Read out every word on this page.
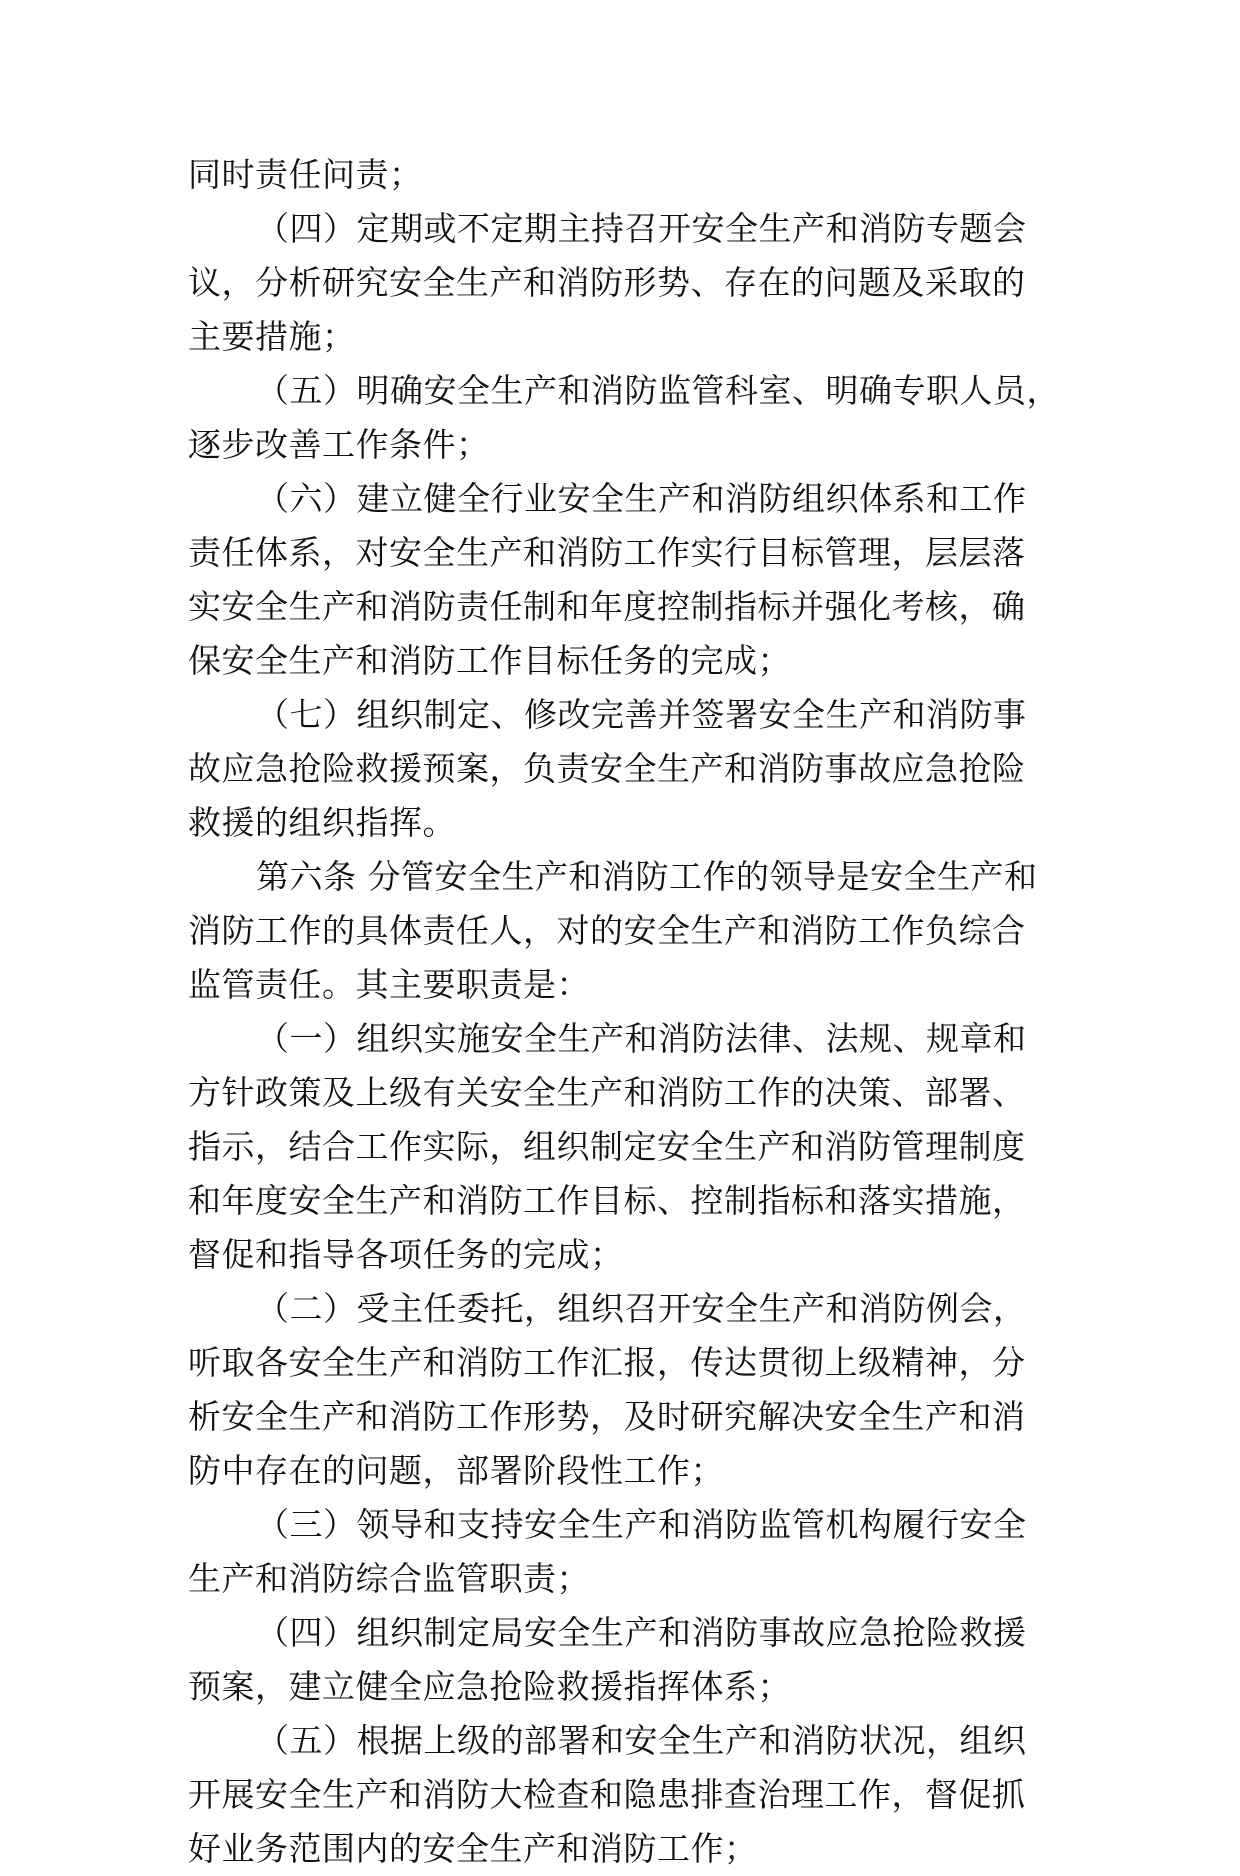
同时责任问责；
（四）定期或不定期主持召开安全生产和消防专题会
议，分析研究安全生产和消防形势、存在的问题及采取的
主要措施；
（五）明确安全生产和消防监管科室、明确专职人员，
逐步改善工作条件；
（六）建立健全行业安全生产和消防组织体系和工作
责任体系，对安全生产和消防工作实行目标管理，层层落
实安全生产和消防责任制和年度控制指标并强化考核，确
保安全生产和消防工作目标任务的完成；
（七）组织制定、修改完善并签署安全生产和消防事
故应急抢险救援预案，负责安全生产和消防事故应急抢险
救援的组织指挥。
第六条 分管安全生产和消防工作的领导是安全生产和
消防工作的具体责任人，对的安全生产和消防工作负综合
监管责任。其主要职责是：
（一）组织实施安全生产和消防法律、法规、规章和
方针政策及上级有关安全生产和消防工作的决策、部署、
指示，结合工作实际，组织制定安全生产和消防管理制度
和年度安全生产和消防工作目标、控制指标和落实措施，
督促和指导各项任务的完成；
（二）受主任委托，组织召开安全生产和消防例会，
听取各安全生产和消防工作汇报，传达贯彻上级精神，分
析安全生产和消防工作形势，及时研究解决安全生产和消
防中存在的问题，部署阶段性工作；
（三）领导和支持安全生产和消防监管机构履行安全
生产和消防综合监管职责；
（四）组织制定局安全生产和消防事故应急抢险救援
预案，建立健全应急抢险救援指挥体系；
（五）根据上级的部署和安全生产和消防状况，组织
开展安全生产和消防大检查和隐患排查治理工作，督促抓
好业务范围内的安全生产和消防工作；
